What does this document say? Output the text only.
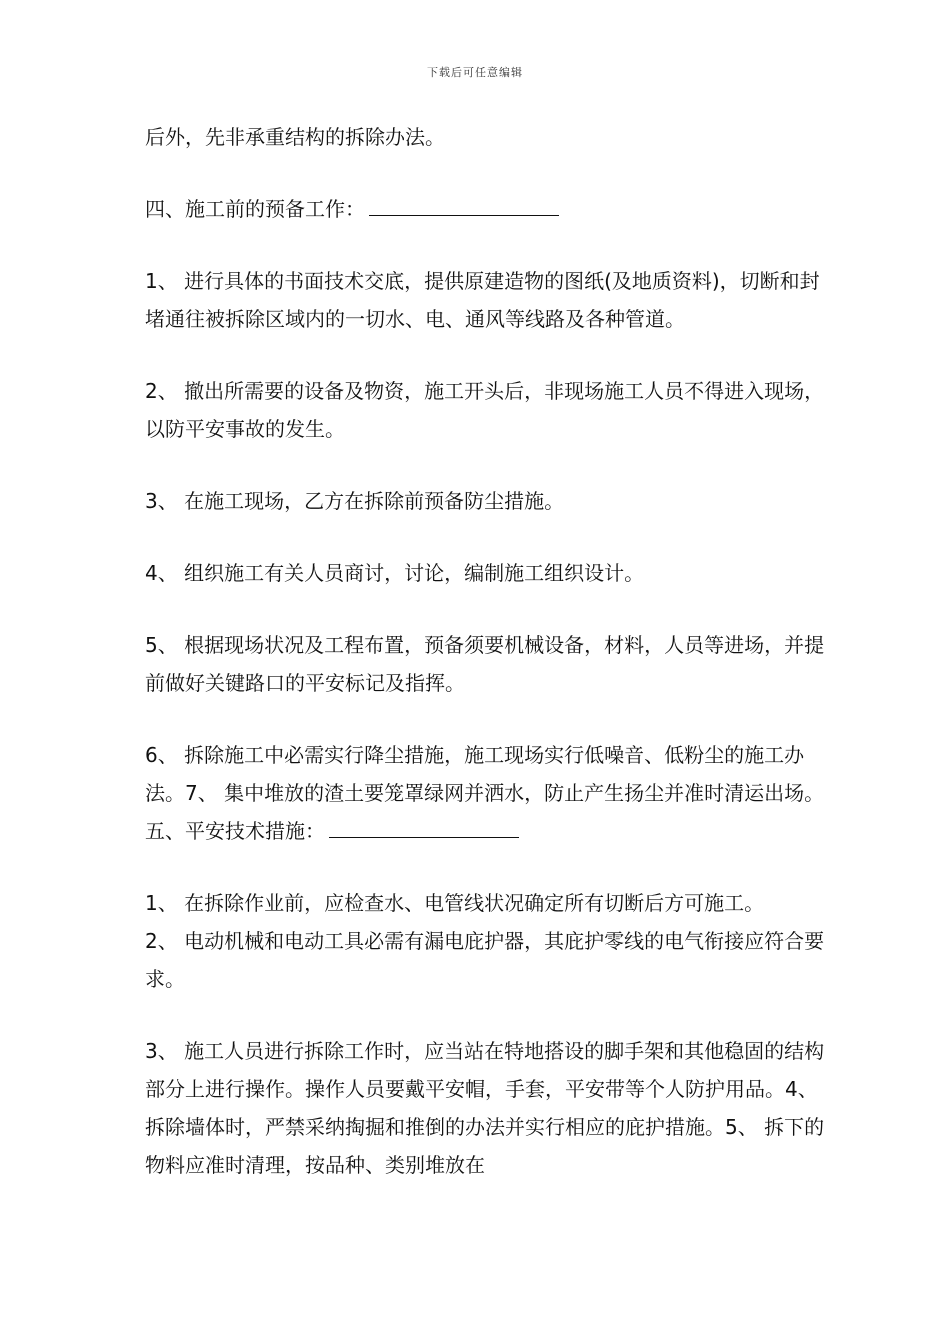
下载后可任意编辑

后外，先非承重结构的拆除办法。

四、施工前的预备工作：

1、 进行具体的书面技术交底，提供原建造物的图纸(及地质资料)，切断和封堵通往被拆除区域内的一切水、电、通风等线路及各种管道。

2、 撤出所需要的设备及物资，施工开头后，非现场施工人员不得进入现场，以防平安事故的发生。

3、 在施工现场，乙方在拆除前预备防尘措施。

4、 组织施工有关人员商讨，讨论，编制施工组织设计。

5、 根据现场状况及工程布置，预备须要机械设备，材料，人员等进场，并提前做好关键路口的平安标记及指挥。

6、 拆除施工中必需实行降尘措施，施工现场实行低噪音、低粉尘的施工办法。7、 集中堆放的渣土要笼罩绿网并洒水，防止产生扬尘并准时清运出场。五、平安技术措施：

1、 在拆除作业前，应检查水、电管线状况确定所有切断后方可施工。

2、 电动机械和电动工具必需有漏电庇护器，其庇护零线的电气衔接应符合要求。

3、 施工人员进行拆除工作时，应当站在特地搭设的脚手架和其他稳固的结构部分上进行操作。操作人员要戴平安帽，手套，平安带等个人防护用品。4、 拆除墙体时，严禁采纳掏掘和推倒的办法并实行相应的庇护措施。5、 拆下的物料应准时清理，按品种、类别堆放在
